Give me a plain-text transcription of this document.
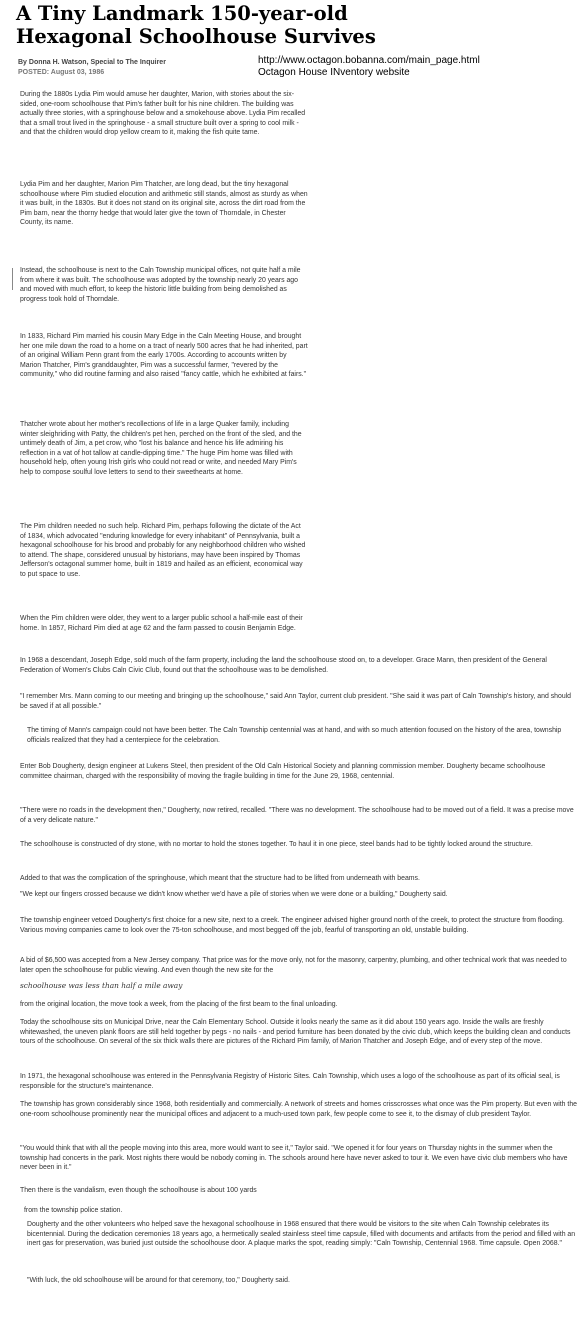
A Tiny Landmark 150-year-old Hexagonal Schoolhouse Survives
By Donna H. Watson, Special to The Inquirer
POSTED: August 03, 1986
http://www.octagon.bobanna.com/main_page.html
Octagon House INventory website

During the 1880s Lydia Pim would amuse her daughter, Marion, with stories about the six-sided, one-room schoolhouse that Pim's father built for his nine children. The building was actually three stories, with a springhouse below and a smokehouse above. Lydia Pim recalled that a small trout lived in the springhouse - a small structure built over a spring to cool milk - and that the children would drop yellow cream to it, making the fish quite tame.

Lydia Pim and her daughter, Marion Pim Thatcher, are long dead, but the tiny hexagonal schoolhouse where Pim studied elocution and arithmetic still stands, almost as sturdy as when it was built, in the 1830s. But it does not stand on its original site, across the dirt road from the Pim barn, near the thorny hedge that would later give the town of Thorndale, in Chester County, its name.

Instead, the schoolhouse is next to the Caln Township municipal offices, not quite half a mile from where it was built. The schoolhouse was adopted by the township nearly 20 years ago and moved with much effort, to keep the historic little building from being demolished as progress took hold of Thorndale.

In 1833, Richard Pim married his cousin Mary Edge in the Caln Meeting House, and brought her one mile down the road to a home on a tract of nearly 500 acres that he had inherited, part of an original William Penn grant from the early 1700s. According to accounts written by Marion Thatcher, Pim's granddaughter, Pim was a successful farmer, "revered by the community," who did routine farming and also raised "fancy cattle, which he exhibited at fairs."

Thatcher wrote about her mother's recollections of life in a large Quaker family, including winter sleighriding with Patty, the children's pet hen, perched on the front of the sled, and the untimely death of Jim, a pet crow, who "lost his balance and hence his life admiring his reflection in a vat of hot tallow at candle-dipping time." The huge Pim home was filled with household help, often young Irish girls who could not read or write, and needed Mary Pim's help to compose soulful love letters to send to their sweethearts at home.

The Pim children needed no such help. Richard Pim, perhaps following the dictate of the Act of 1834, which advocated "enduring knowledge for every inhabitant" of Pennsylvania, built a hexagonal schoolhouse for his brood and probably for any neighborhood children who wished to attend. The shape, considered unusual by historians, may have been inspired by Thomas Jefferson's octagonal summer home, built in 1819 and hailed as an efficient, economical way to put space to use.

When the Pim children were older, they went to a larger public school a half-mile east of their home. In 1857, Richard Pim died at age 62 and the farm passed to cousin Benjamin Edge.

In 1968 a descendant, Joseph Edge, sold much of the farm property, including the land the schoolhouse stood on, to a developer. Grace Mann, then president of the General Federation of Women's Clubs Caln Civic Club, found out that the schoolhouse was to be demolished.

"I remember Mrs. Mann coming to our meeting and bringing up the schoolhouse," said Ann Taylor, current club president. "She said it was part of Caln Township's history, and should be saved if at all possible."

The timing of Mann's campaign could not have been better. The Caln Township centennial was at hand, and with so much attention focused on the history of the area, township officials realized that they had a centerpiece for the celebration.

Enter Bob Dougherty, design engineer at Lukens Steel, then president of the Old Caln Historical Society and planning commission member. Dougherty became schoolhouse committee chairman, charged with the responsibility of moving the fragile building in time for the June 29, 1968, centennial.

"There were no roads in the development then," Dougherty, now retired, recalled. "There was no development. The schoolhouse had to be moved out of a field. It was a precise move of a very delicate nature."

The schoolhouse is constructed of dry stone, with no mortar to hold the stones together. To haul it in one piece, steel bands had to be tightly locked around the structure.

Added to that was the complication of the springhouse, which meant that the structure had to be lifted from underneath with beams.

"We kept our fingers crossed because we didn't know whether we'd have a pile of stories when we were done or a building," Dougherty said.

The township engineer vetoed Dougherty's first choice for a new site, next to a creek. The engineer advised higher ground north of the creek, to protect the structure from flooding. Various moving companies came to look over the 75-ton schoolhouse, and most begged off the job, fearful of transporting an old, unstable building.

A bid of $6,500 was accepted from a New Jersey company. That price was for the move only, not for the masonry, carpentry, plumbing, and other technical work that was needed to later open the schoolhouse for public viewing. And even though the new site for the

schoolhouse was less than half a mile away

from the original location, the move took a week, from the placing of the first beam to the final unloading.

Today the schoolhouse sits on Municipal Drive, near the Caln Elementary School. Outside it looks nearly the same as it did about 150 years ago. Inside the walls are freshly whitewashed, the uneven plank floors are still held together by pegs - no nails - and period furniture has been donated by the civic club, which keeps the building clean and conducts tours of the schoolhouse. On several of the six thick walls there are pictures of the Richard Pim family, of Marion Thatcher and Joseph Edge, and of every step of the move.

In 1971, the hexagonal schoolhouse was entered in the Pennsylvania Registry of Historic Sites. Caln Township, which uses a logo of the schoolhouse as part of its official seal, is responsible for the structure's maintenance.

The township has grown considerably since 1968, both residentially and commercially. A network of streets and homes crisscrosses what once was the Pim property. But even with the one-room schoolhouse prominently near the municipal offices and adjacent to a much-used town park, few people come to see it, to the dismay of club president Taylor.

"You would think that with all the people moving into this area, more would want to see it," Taylor said. "We opened it for four years on Thursday nights in the summer when the township had concerts in the park. Most nights there would be nobody coming in. The schools around here have never asked to tour it. We even have civic club members who have never been in it."

Then there is the vandalism, even though the schoolhouse is about 100 yards

from the township police station.

Dougherty and the other volunteers who helped save the hexagonal schoolhouse in 1968 ensured that there would be visitors to the site when Caln Township celebrates its bicentennial. During the dedication ceremonies 18 years ago, a hermetically sealed stainless steel time capsule, filled with documents and artifacts from the period and filled with an inert gas for preservation, was buried just outside the schoolhouse door. A plaque marks the spot, reading simply: "Caln Township, Centennial 1968. Time capsule. Open 2068."

"With luck, the old schoolhouse will be around for that ceremony, too," Dougherty said.
